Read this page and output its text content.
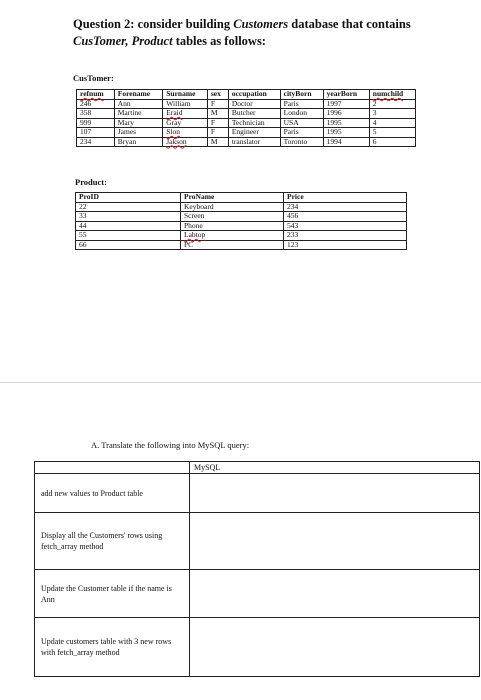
Question 2: consider building Customers database that contains CusTomer, Product tables as follows:
CusTomer:
refnum	Forename	Surname	sex	occupation	cityBorn	yearBorn	numchild
246	Ann	William	F	Doctor	Paris	1997	2
358	Martine	Eraid	M	Butcher	London	1996	3
999	Mary	Gray	F	Technician	USA	1995	4
107	James	Slon	F	Engineer	Paris	1995	5
234	Bryan	Jakson	M	translator	Toronto	1994	6
Product:
ProID	ProName	Price
22	Keyboard	234
33	Screen	456
44	Phone	543
55	Labtop	233
66	PC	123
A. Translate the following into MySQL query:
	MySQL
add new values to Product table	
Display all the Customers' rows using fetch_array method	
Update the Customer table if the name is Ann	
Update customers table with 3 new rows with fetch_array method	
